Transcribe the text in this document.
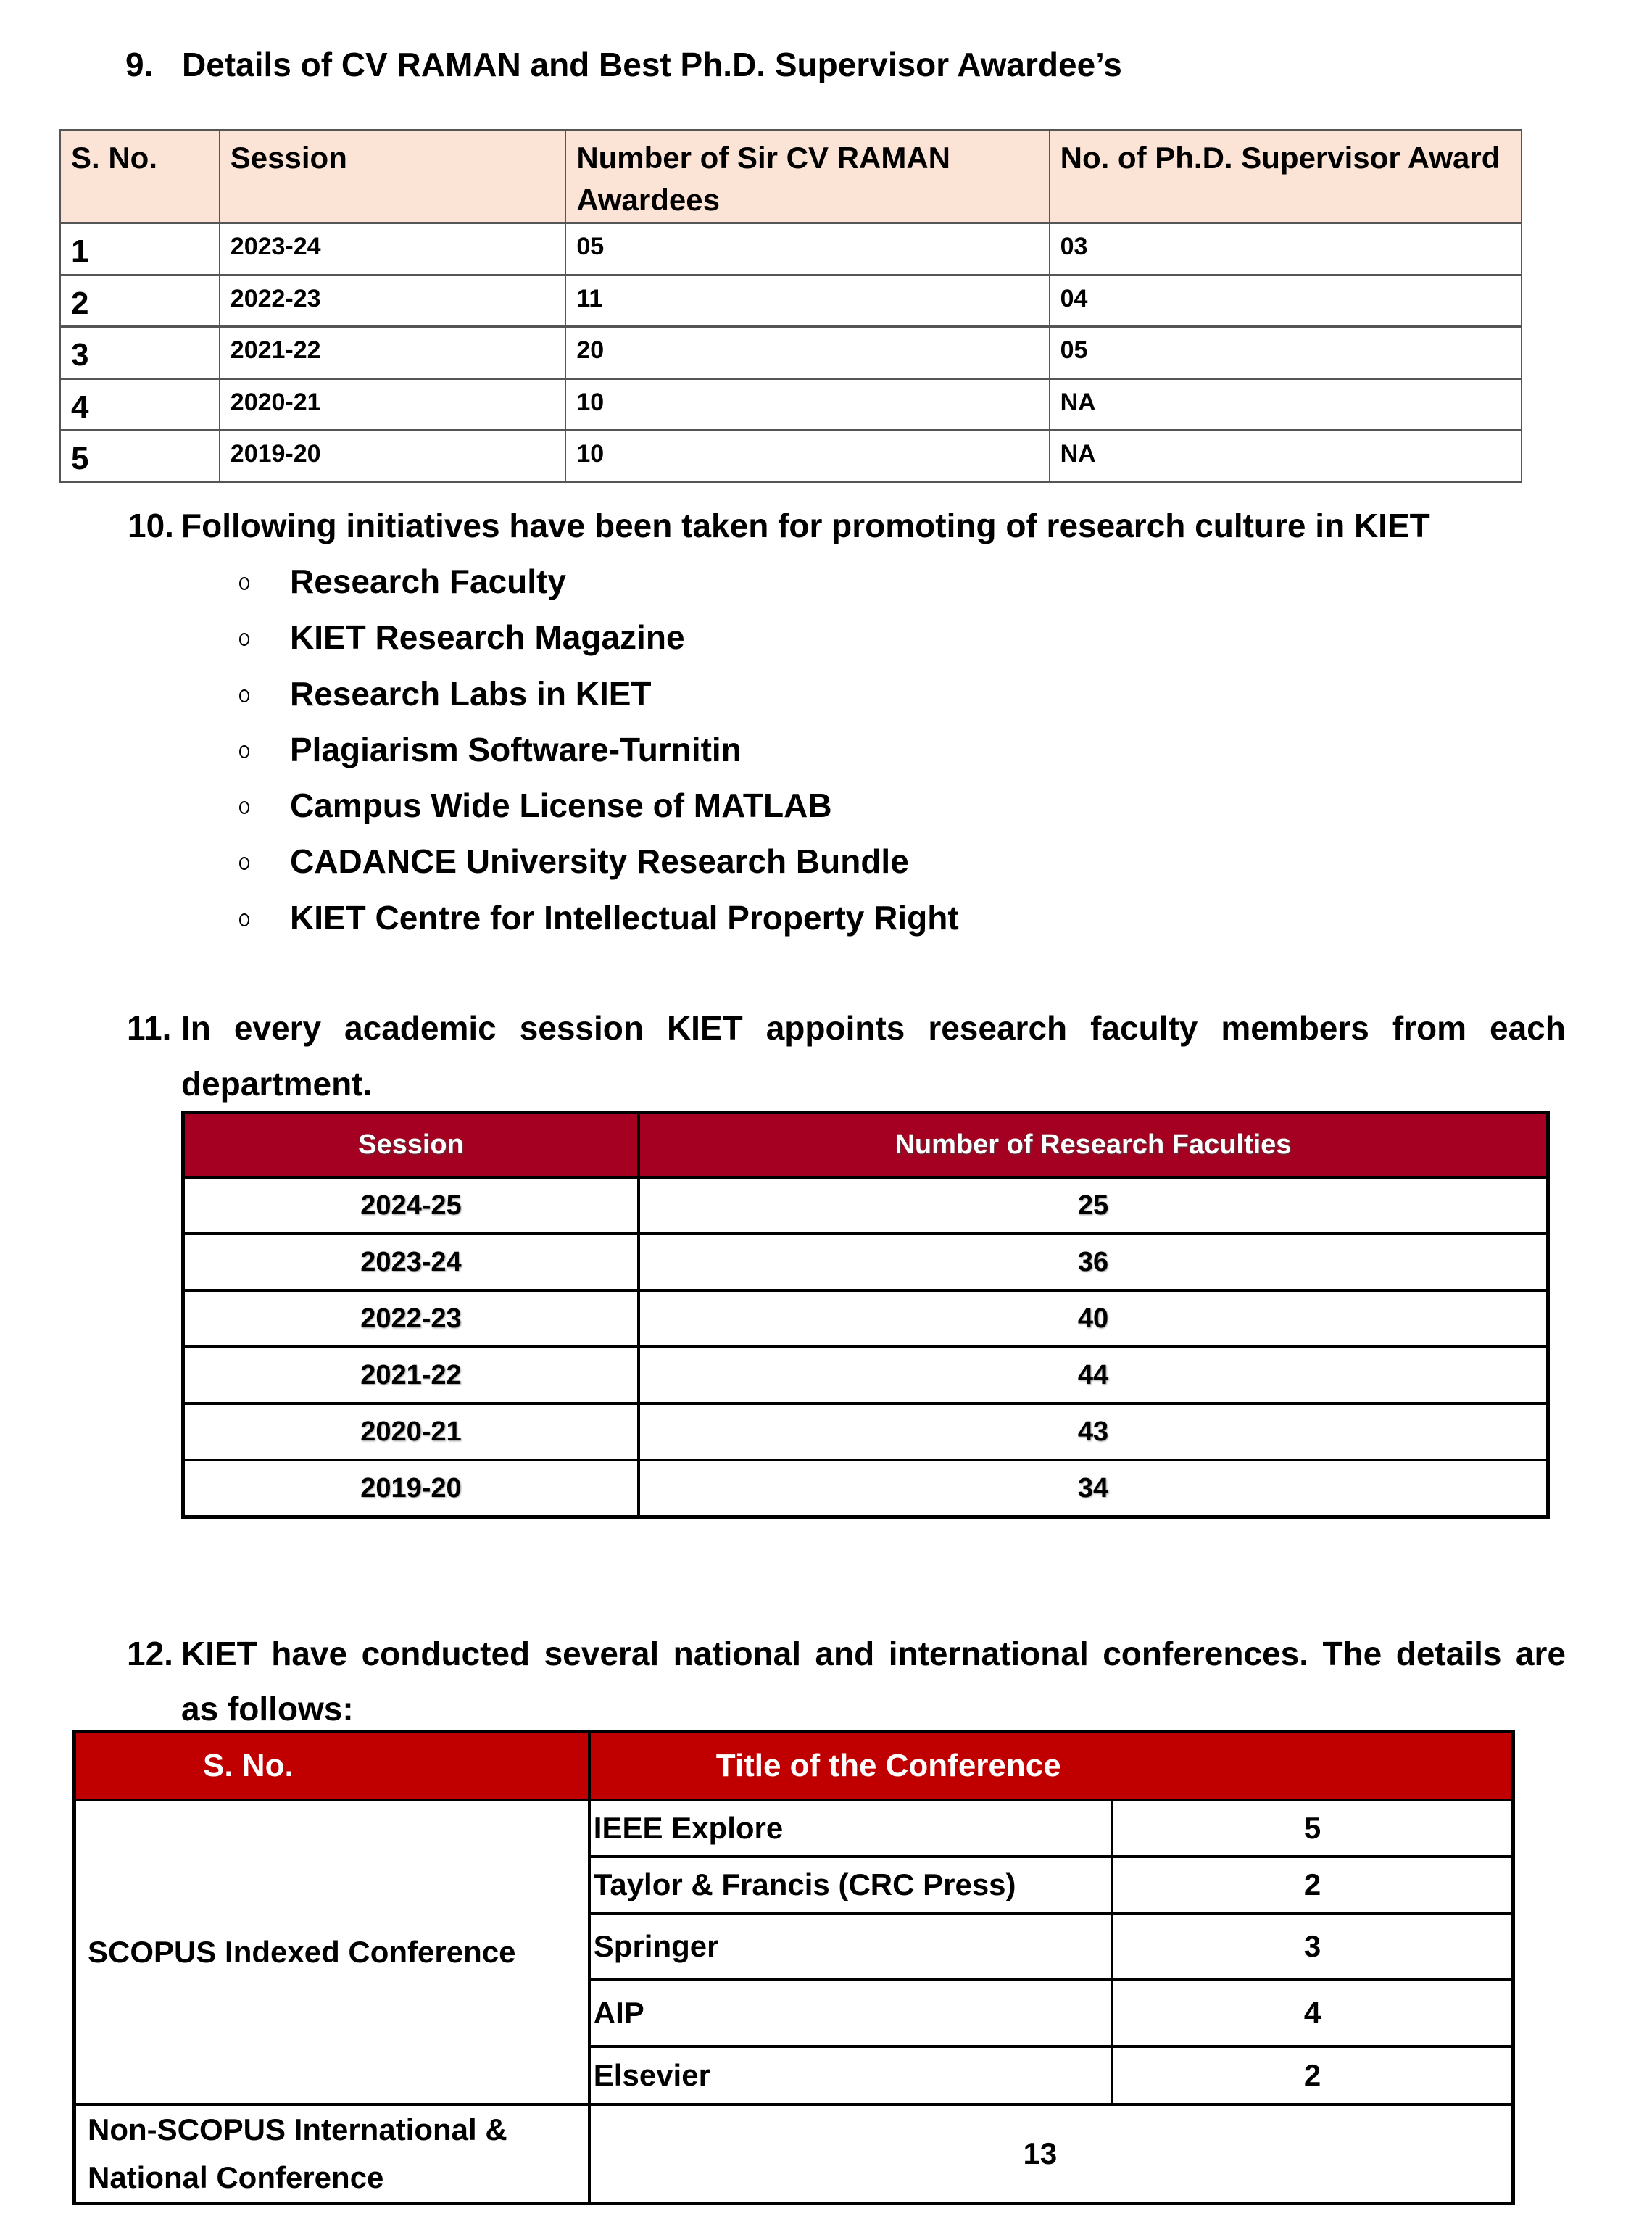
9. Details of CV RAMAN and Best Ph.D. Supervisor Awardee’s
S. No.	Session	Number of Sir CV RAMAN Awardees	No. of Ph.D. Supervisor Award
1	2023-24	05	03
2	2022-23	11	04
3	2021-22	20	05
4	2020-21	10	NA
5	2019-20	10	NA
10. Following initiatives have been taken for promoting of research culture in KIET
Research Faculty
KIET Research Magazine
Research Labs in KIET
Plagiarism Software-Turnitin
Campus Wide License of MATLAB
CADANCE University Research Bundle
KIET Centre for Intellectual Property Right
11. In every academic session KIET appoints research faculty members from each
department.
Session	Number of Research Faculties
2024-25	25
2023-24	36
2022-23	40
2021-22	44
2020-21	43
2019-20	34
12. KIET have conducted several national and international conferences. The details are
as follows:
S. No.	Title of the Conference	
SCOPUS Indexed Conference	IEEE Explore	5
	Taylor & Francis (CRC Press)	2
	Springer	3
	AIP	4
	Elsevier	2

Non-SCOPUS International &
National Conference	13	
